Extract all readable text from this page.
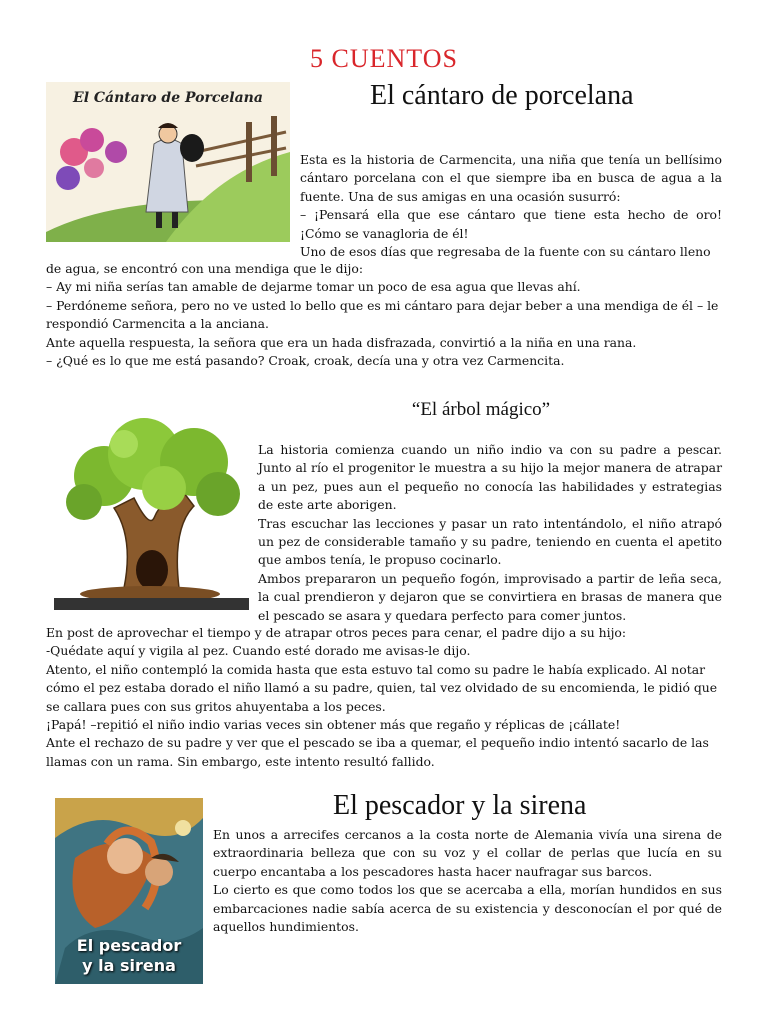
5 CUENTOS
El Cántaro de Porcelana	El cántaro de porcelana

Esta es la historia de Carmencita, una niña que tenía un bellísimo cántaro porcelana con el que siempre iba en busca de agua a la fuente. Una de sus amigas en una ocasión susurró:

– ¡Pensará ella que ese cántaro que tiene esta hecho de oro! ¡Cómo se vanagloria de él!

Uno de esos días que regresaba de la fuente con su cántaro lleno

de agua, se encontró con una mendiga que le dijo:

– Ay mi niña serías tan amable de dejarme tomar un poco de esa agua que llevas ahí.

– Perdóneme señora, pero no ve usted lo bello que es mi cántaro para dejar beber a una mendiga de él – le respondió Carmencita a la anciana.

Ante aquella respuesta, la señora que era un hada disfrazada, convirtió a la niña en una rana.

– ¿Qué es lo que me está pasando? Croak, croak, decía una y otra vez Carmencita.

“El árbol mágico”

La historia comienza cuando un niño indio va con su padre a pescar. Junto al río el progenitor le muestra a su hijo la mejor manera de atrapar a un pez, pues aun el pequeño no conocía las habilidades y estrategias de este arte aborigen.

Tras escuchar las lecciones y pasar un rato intentándolo, el niño atrapó un pez de considerable tamaño y su padre, teniendo en cuenta el apetito que ambos tenía, le propuso cocinarlo.

Ambos prepararon un pequeño fogón, improvisado a partir de leña seca, la cual prendieron y dejaron que se convirtiera en brasas de manera que el pescado se asara y quedara perfecto para comer juntos.

En post de aprovechar el tiempo y de atrapar otros peces para cenar, el padre dijo a su hijo:

-Quédate aquí y vigila al pez. Cuando esté dorado me avisas-le dijo.

Atento, el niño contempló la comida hasta que esta estuvo tal como su padre le había explicado. Al notar cómo el pez estaba dorado el niño llamó a su padre, quien, tal vez olvidado de su encomienda, le pidió que se callara pues con sus gritos ahuyentaba a los peces.

¡Papá! –repitió el niño indio varias veces sin obtener más que regaño y réplicas de ¡cállate!

Ante el rechazo de su padre y ver que el pescado se iba a quemar, el pequeño indio intentó sacarlo de las llamas con un rama. Sin embargo, este intento resultó fallido.

El pescador
y la sirena
El pescador y la sirena

En unos a arrecifes cercanos a la costa norte de Alemania vivía una sirena de extraordinaria belleza que con su voz y el collar de perlas que lucía en su cuerpo encantaba a los pescadores hasta hacer naufragar sus barcos.

Lo cierto es que como todos los que se acercaba a ella, morían hundidos en sus embarcaciones nadie sabía acerca de su existencia y desconocían el por qué de aquellos hundimientos.
